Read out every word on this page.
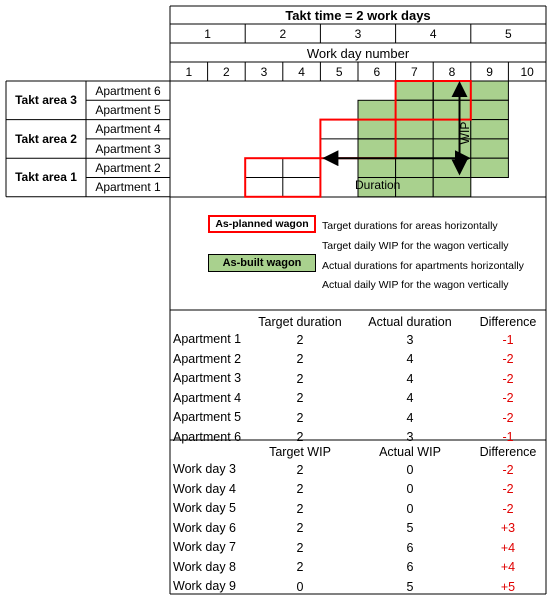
Takt time = 2 work days
Work day number
1	2	3	4	5
1	2	3	4	5	6	7	8	9	10
Takt area 3
Apartment 6
Apartment 5
Takt area 2
Apartment 4
Apartment 3
Takt area 1
Apartment 2
Apartment 1	Duration
WIP
As-planned wagon	Target durations for areas horizontally
Target daily WIP for the wagon vertically
As-built wagon	Actual durations for apartments horizontally
Actual daily WIP for the wagon vertically
Target duration	Actual duration	Difference
Apartment 1	2	3	-1
Apartment 2	2	4	-2
Apartment 3	2	4	-2
Apartment 4	2	4	-2
Apartment 5	2	4	-2
Apartment 6	2	3	-1
Target WIP	Actual WIP	Difference
Work day 3	2	0	-2
Work day 4	2	0	-2
Work day 5	2	0	-2
Work day 6	2	5	+3
Work day 7	2	6	+4
Work day 8	2	6	+4
Work day 9	0	5	+5
